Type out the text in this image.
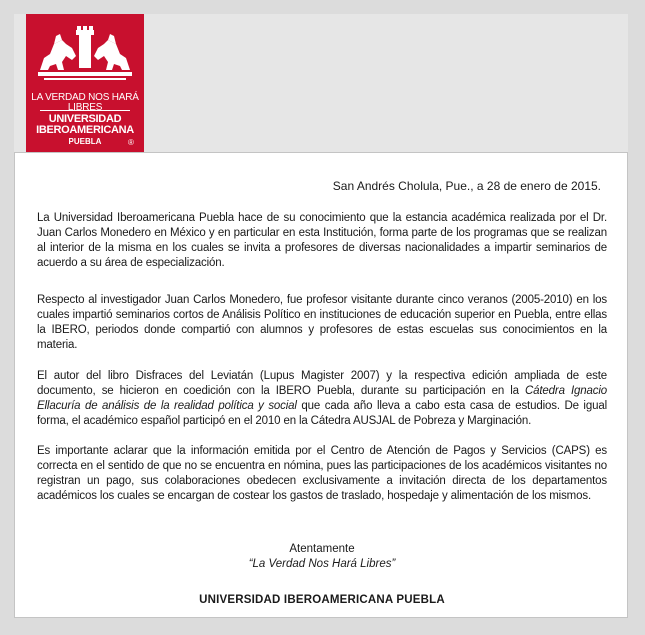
LA VERDAD NOS HARÁ LIBRES
UNIVERSIDAD
IBEROAMERICANA
PUEBLA	®
San Andrés Cholula, Pue., a 28 de enero de 2015.
La Universidad Iberoamericana Puebla hace de su conocimiento que la estancia académica realizada por el Dr. Juan Carlos Monedero en México y en particular en esta Institución, forma parte de los programas que se realizan al interior de la misma en los cuales se invita a profesores de diversas nacionalidades a impartir seminarios de acuerdo a su área de especialización.
Respecto al investigador Juan Carlos Monedero, fue profesor visitante durante cinco veranos (2005-2010) en los cuales impartió seminarios cortos de Análisis Político en instituciones de educación superior en Puebla, entre ellas la IBERO, periodos donde compartió con alumnos y profesores de estas escuelas sus conocimientos en la materia.
El autor del libro Disfraces del Leviatán (Lupus Magister 2007) y la respectiva edición ampliada de este documento, se hicieron en coedición con la IBERO Puebla, durante su participación en la Cátedra Ignacio Ellacuría de análisis de la realidad política y social que cada año lleva a cabo esta casa de estudios. De igual forma, el académico español participó en el 2010 en la Cátedra AUSJAL de Pobreza y Marginación.
Es importante aclarar que la información emitida por el Centro de Atención de Pagos y Servicios (CAPS) es correcta en el sentido de que no se encuentra en nómina, pues las participaciones de los académicos visitantes no registran un pago, sus colaboraciones obedecen exclusivamente a invitación directa de los departamentos académicos los cuales se encargan de costear los gastos de traslado, hospedaje y alimentación de los mismos.
Atentamente
“La Verdad Nos Hará Libres”
UNIVERSIDAD IBEROAMERICANA PUEBLA
